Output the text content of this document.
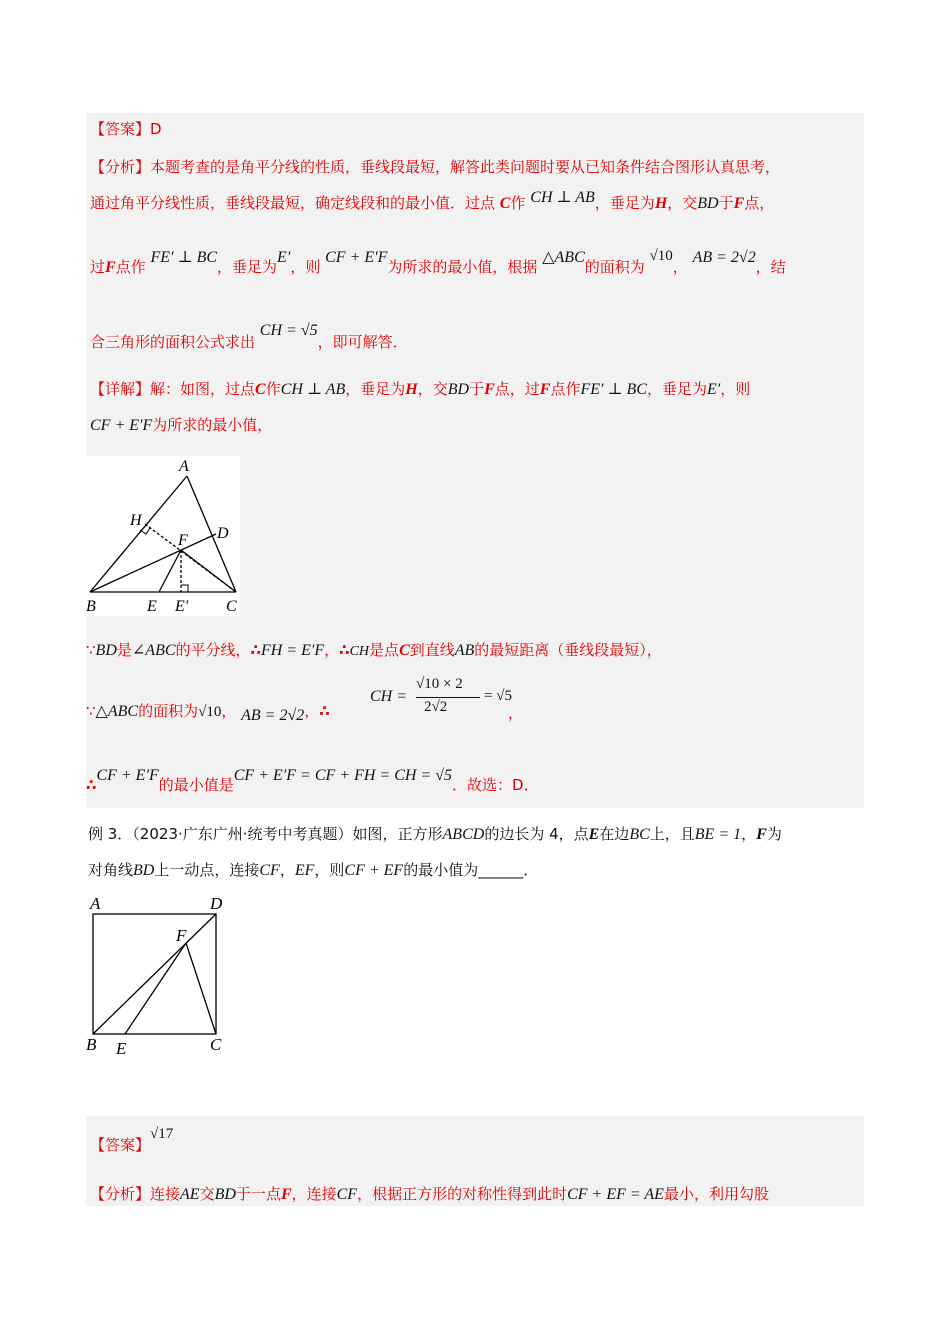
【答案】D
【分析】本题考查的是角平分线的性质，垂线段最短，解答此类问题时要从已知条件结合图形认真思考，
通过角平分线性质，垂线段最短，确定线段和的最小值．过点 C作 CH ⊥ AB，垂足为H，交BD于F点，
过F点作 FE′ ⊥ BC，垂足为E′，则 CF + E′F为所求的最小值，根据 △ABC的面积为 √10， AB = 2√2，结
合三角形的面积公式求出 CH = √5，即可解答．
【详解】解：如图，过点C作CH ⊥ AB，垂足为H，交BD于F点，过F点作FE′ ⊥ BC，垂足为E′，则
CF + E′F为所求的最小值，
A
H
D
F
B	E E′ C
∵BD是∠ABC的平分线，∴FH = E′F，∴CH是点C到直线AB的最短距离（垂线段最短），
∵△ABC的面积为√10， AB = 2√2，∴
CH =
√10 × 2
2√2
= √5
，
∴CF + E′F的最小值是CF + E′F = CF + FH = CH = √5．故选：D．
例 3．（2023·广东广州·统考中考真题）如图，正方形ABCD的边长为 4，点E在边BC上，且BE = 1，F为
对角线BD上一动点，连接CF，EF，则CF + EF的最小值为______．
A	D
F
B E	C
【答案】√17
【分析】连接AE交BD于一点F，连接CF，根据正方形的对称性得到此时CF + EF = AE最小，利用勾股
